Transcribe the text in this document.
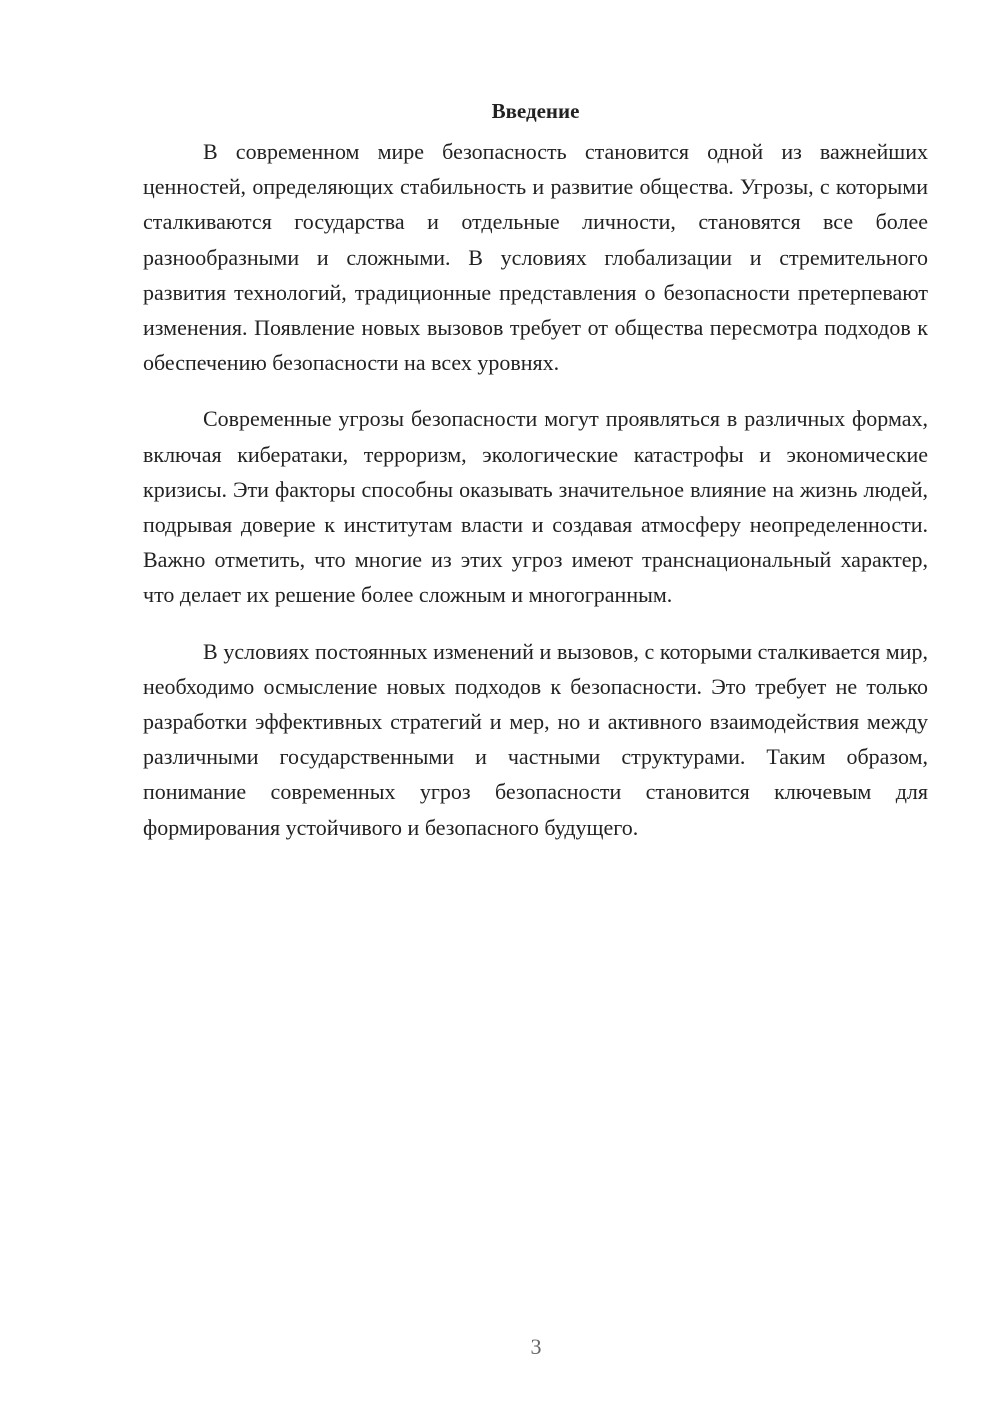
Введение

В современном мире безопасность становится одной из важнейших ценностей, определяющих стабильность и развитие общества. Угрозы, с которыми сталкиваются государства и отдельные личности, становятся все более разнообразными и сложными. В условиях глобализации и стремительного развития технологий, традиционные представления о безопасности претерпевают изменения. Появление новых вызовов требует от общества пересмотра подходов к обеспечению безопасности на всех уровнях.

Современные угрозы безопасности могут проявляться в различных формах, включая кибератаки, терроризм, экологические катастрофы и экономические кризисы. Эти факторы способны оказывать значительное влияние на жизнь людей, подрывая доверие к институтам власти и создавая атмосферу неопределенности. Важно отметить, что многие из этих угроз имеют транснациональный характер, что делает их решение более сложным и многогранным.

В условиях постоянных изменений и вызовов, с которыми сталкивается мир, необходимо осмысление новых подходов к безопасности. Это требует не только разработки эффективных стратегий и мер, но и активного взаимодействия между различными государственными и частными структурами. Таким образом, понимание современных угроз безопасности становится ключевым для формирования устойчивого и безопасного будущего.

3
